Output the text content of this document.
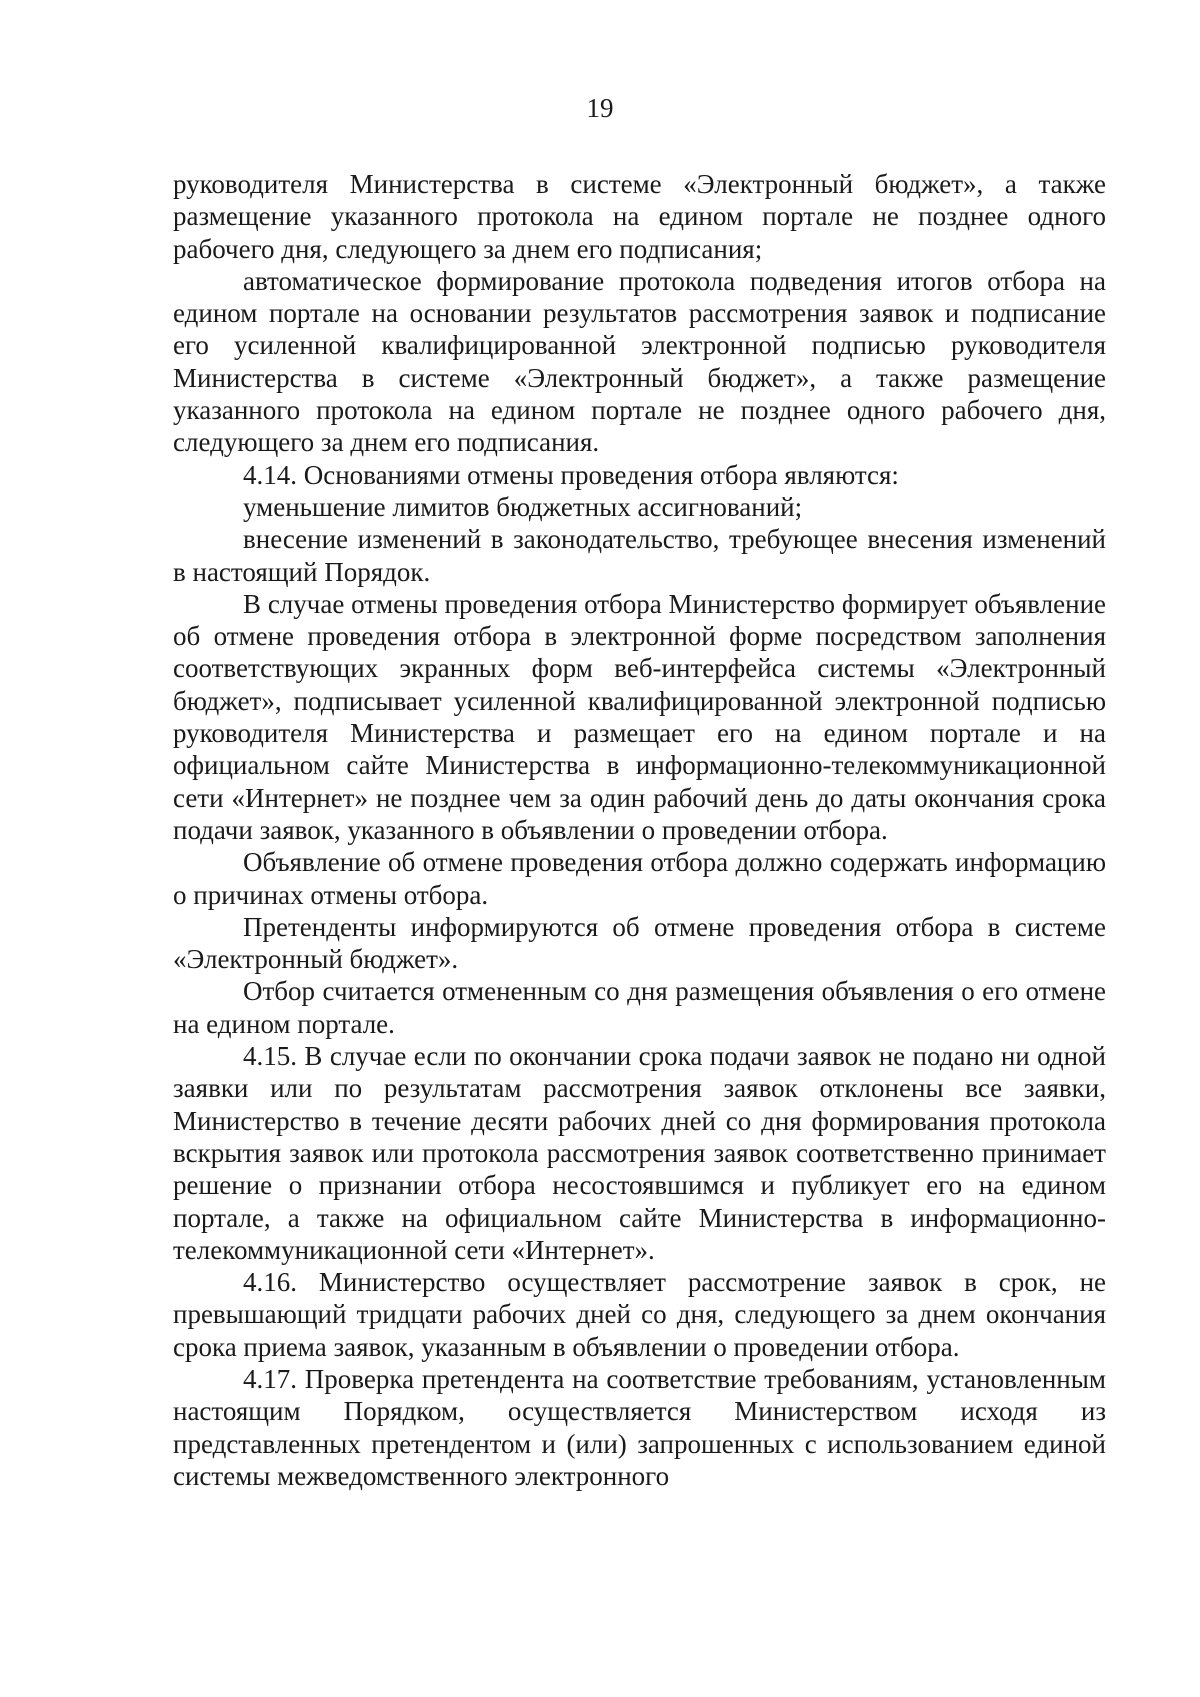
19

руководителя Министерства в системе «Электронный бюджет», а также размещение указанного протокола на едином портале не позднее одного рабочего дня, следующего за днем его подписания;

автоматическое формирование протокола подведения итогов отбора на едином портале на основании результатов рассмотрения заявок и подписание его усиленной квалифицированной электронной подписью руководителя Министерства в системе «Электронный бюджет», а также размещение указанного протокола на едином портале не позднее одного рабочего дня, следующего за днем его подписания.

4.14. Основаниями отмены проведения отбора являются:

уменьшение лимитов бюджетных ассигнований;

внесение изменений в законодательство, требующее внесения изменений в настоящий Порядок.

В случае отмены проведения отбора Министерство формирует объявление об отмене проведения отбора в электронной форме посредством заполнения соответствующих экранных форм веб-интерфейса системы «Электронный бюджет», подписывает усиленной квалифицированной электронной подписью руководителя Министерства и размещает его на едином портале и на официальном сайте Министерства в информационно-телекоммуникационной сети «Интернет» не позднее чем за один рабочий день до даты окончания срока подачи заявок, указанного в объявлении о проведении отбора.

Объявление об отмене проведения отбора должно содержать информацию о причинах отмены отбора.

Претенденты информируются об отмене проведения отбора в системе «Электронный бюджет».

Отбор считается отмененным со дня размещения объявления о его отмене на едином портале.

4.15. В случае если по окончании срока подачи заявок не подано ни одной заявки или по результатам рассмотрения заявок отклонены все заявки, Министерство в течение десяти рабочих дней со дня формирования протокола вскрытия заявок или протокола рассмотрения заявок соответственно принимает решение о признании отбора несостоявшимся и публикует его на едином портале, а также на официальном сайте Министерства в информационно-телекоммуникационной сети «Интернет».

4.16. Министерство осуществляет рассмотрение заявок в срок, не превышающий тридцати рабочих дней со дня, следующего за днем окончания срока приема заявок, указанным в объявлении о проведении отбора.

4.17. Проверка претендента на соответствие требованиям, установленным настоящим Порядком, осуществляется Министерством исходя из представленных претендентом и (или) запрошенных с использованием единой системы межведомственного электронного
